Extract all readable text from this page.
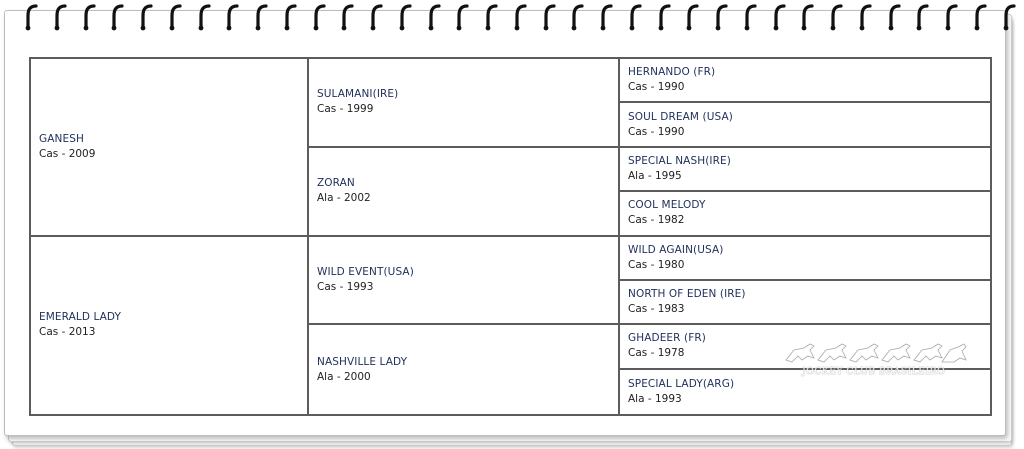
GANESH
Cas - 2009
EMERALD LADY
Cas - 2013
SULAMANI(IRE)
Cas - 1999
ZORAN
Ala - 2002
WILD EVENT(USA)
Cas - 1993
NASHVILLE LADY
Ala - 2000
HERNANDO (FR)
Cas - 1990
SOUL DREAM (USA)
Cas - 1990
SPECIAL NASH(IRE)
Ala - 1995
COOL MELODY
Cas - 1982
WILD AGAIN(USA)
Cas - 1980
NORTH OF EDEN (IRE)
Cas - 1983
GHADEER (FR)
Cas - 1978
SPECIAL LADY(ARG)
Ala - 1993
JOCKEY CLUB BRASILEIRO
